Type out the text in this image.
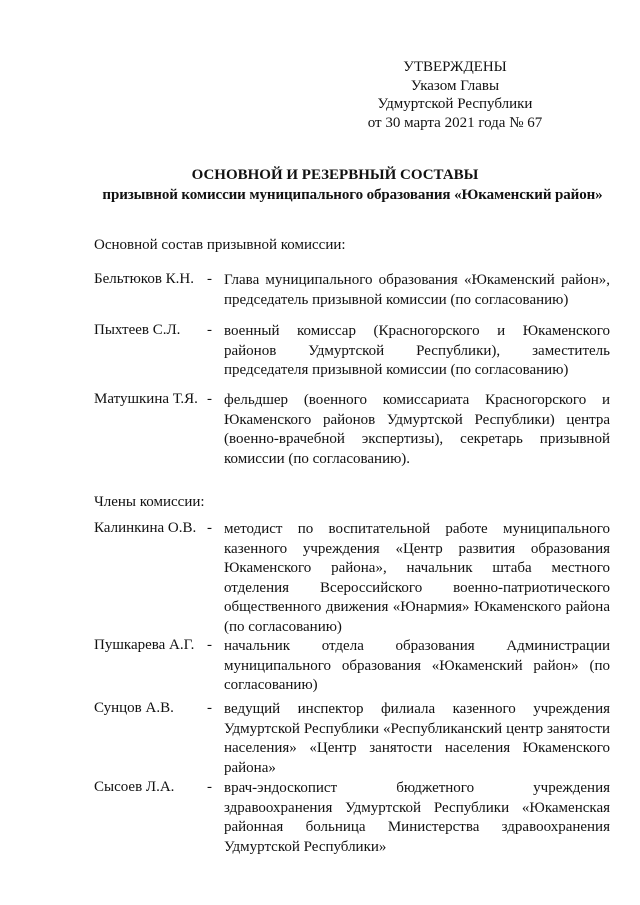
УТВЕРЖДЕНЫ
Указом Главы
Удмуртской Республики
от 30 марта 2021 года № 67
ОСНОВНОЙ И РЕЗЕРВНЫЙ СОСТАВЫ
призывной комиссии муниципального образования «Юкаменский район»
Основной состав призывной комиссии:
Бельтюков К.Н. - Глава муниципального образования «Юкаменский район», председатель призывной комиссии (по согласованию)
Пыхтеев С.Л. - военный комиссар (Красногорского и Юкаменского районов Удмуртской Республики), заместитель председателя призывной комиссии (по согласованию)
Матушкина Т.Я. - фельдшер (военного комиссариата Красногорского и Юкаменского районов Удмуртской Республики) центра (военно-врачебной экспертизы), секретарь призывной комиссии (по согласованию).
Члены комиссии:
Калинкина О.В. - методист по воспитательной работе муниципального казенного учреждения «Центр развития образования Юкаменского района», начальник штаба местного отделения Всероссийского военно-патриотического общественного движения «Юнармия» Юкаменского района (по согласованию)
Пушкарева А.Г. - начальник отдела образования Администрации муниципального образования «Юкаменский район» (по согласованию)
Сунцов А.В. - ведущий инспектор филиала казенного учреждения Удмуртской Республики «Республиканский центр занятости населения» «Центр занятости населения Юкаменского района»
Сысоев Л.А. - врач-эндоскопист бюджетного учреждения здравоохранения Удмуртской Республики «Юкаменская районная больница Министерства здравоохранения Удмуртской Республики»
